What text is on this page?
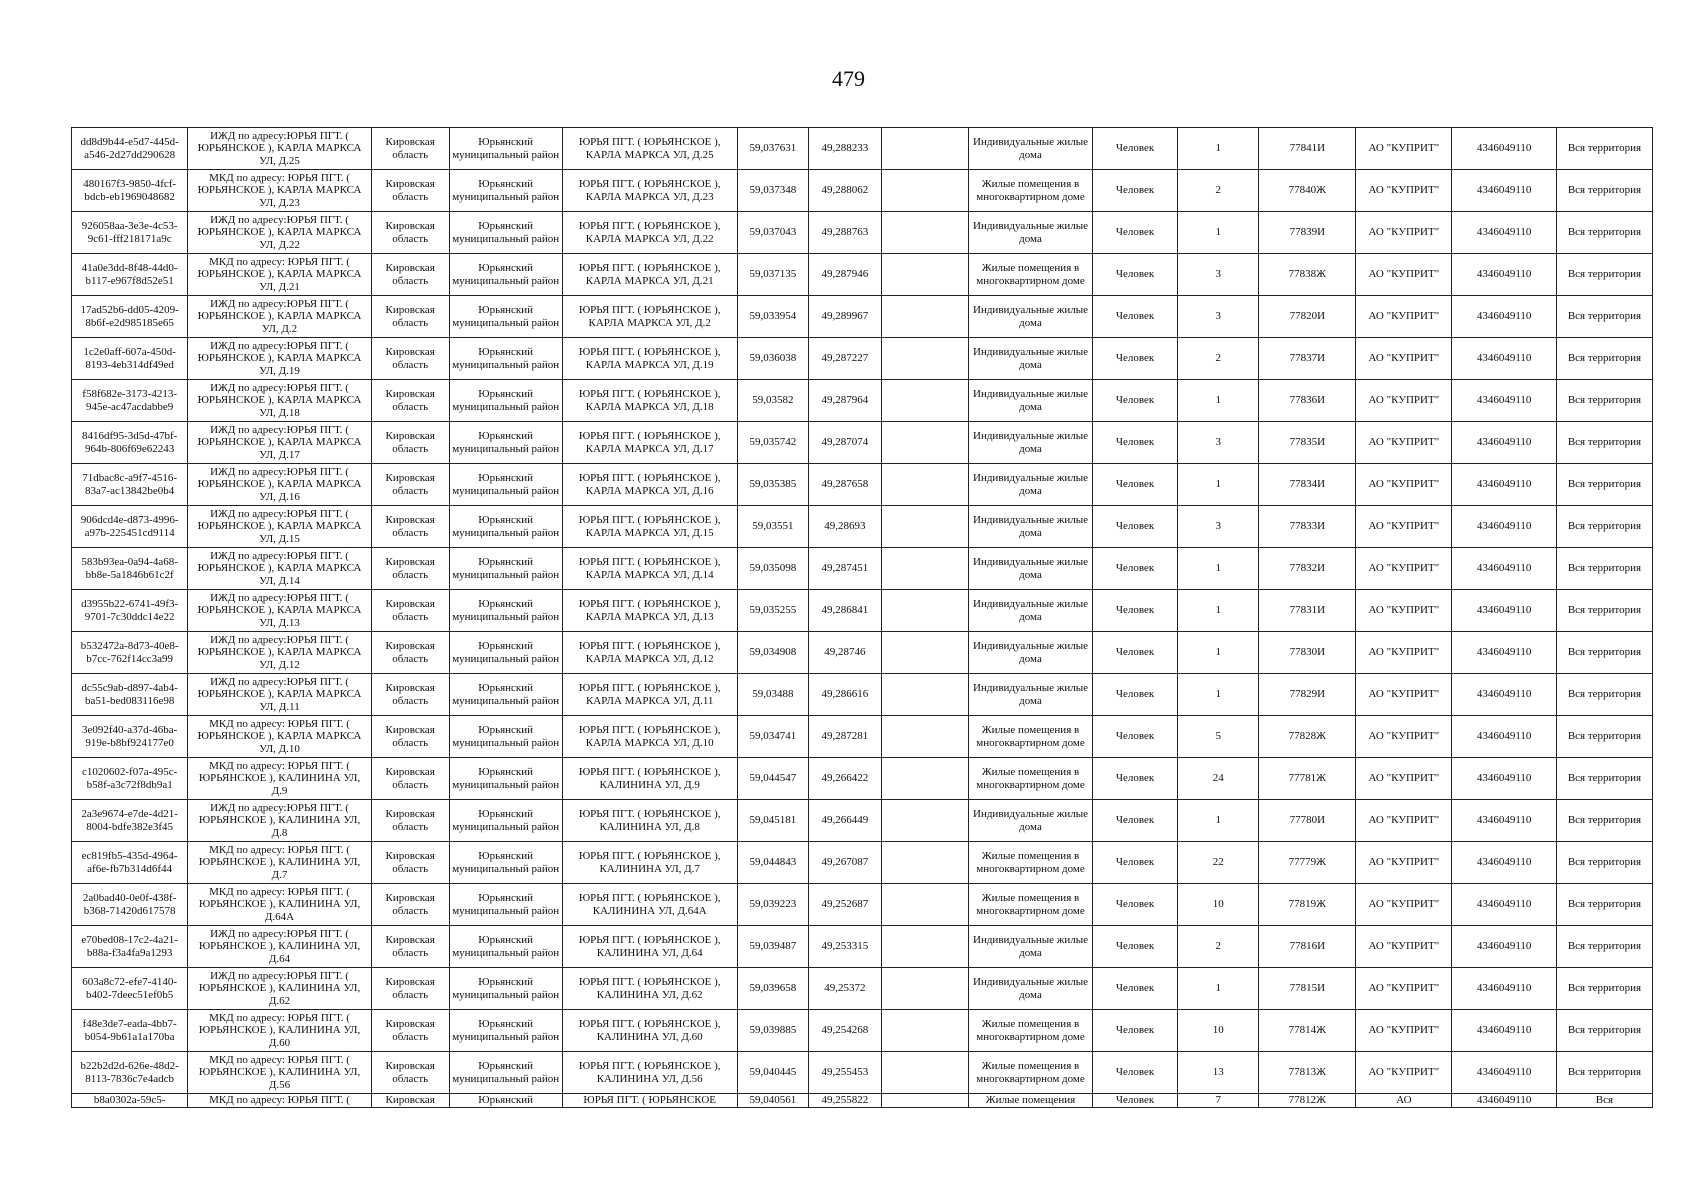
479
dd8d9b44-e5d7-445d-a546-2d27dd290628	ИЖД по адресу:ЮРЬЯ ПГТ. ( ЮРЬЯНСКОЕ ), КАРЛА МАРКСА УЛ, Д.25	Кировская область	Юрьянский муниципальный район	ЮРЬЯ ПГТ. ( ЮРЬЯНСКОЕ ), КАРЛА МАРКСА УЛ, Д.25	59,037631	49,288233		Индивидуальные жилые дома	Человек	1	77841И	АО "КУПРИТ"	4346049110	Вся территория
480167f3-9850-4fcf-bdcb-eb1969048682	МКД по адресу: ЮРЬЯ ПГТ. ( ЮРЬЯНСКОЕ ), КАРЛА МАРКСА УЛ, Д.23	Кировская область	Юрьянский муниципальный район	ЮРЬЯ ПГТ. ( ЮРЬЯНСКОЕ ), КАРЛА МАРКСА УЛ, Д.23	59,037348	49,288062		Жилые помещения в многоквартирном доме	Человек	2	77840Ж	АО "КУПРИТ"	4346049110	Вся территория
926058aa-3e3e-4c53-9c61-fff218171a9c	ИЖД по адресу:ЮРЬЯ ПГТ. ( ЮРЬЯНСКОЕ ), КАРЛА МАРКСА УЛ, Д.22	Кировская область	Юрьянский муниципальный район	ЮРЬЯ ПГТ. ( ЮРЬЯНСКОЕ ), КАРЛА МАРКСА УЛ, Д.22	59,037043	49,288763		Индивидуальные жилые дома	Человек	1	77839И	АО "КУПРИТ"	4346049110	Вся территория
41a0e3dd-8f48-44d0-b117-e967f8d52e51	МКД по адресу: ЮРЬЯ ПГТ. ( ЮРЬЯНСКОЕ ), КАРЛА МАРКСА УЛ, Д.21	Кировская область	Юрьянский муниципальный район	ЮРЬЯ ПГТ. ( ЮРЬЯНСКОЕ ), КАРЛА МАРКСА УЛ, Д.21	59,037135	49,287946		Жилые помещения в многоквартирном доме	Человек	3	77838Ж	АО "КУПРИТ"	4346049110	Вся территория
17ad52b6-dd05-4209-8b6f-e2d985185e65	ИЖД по адресу:ЮРЬЯ ПГТ. ( ЮРЬЯНСКОЕ ), КАРЛА МАРКСА УЛ, Д.2	Кировская область	Юрьянский муниципальный район	ЮРЬЯ ПГТ. ( ЮРЬЯНСКОЕ ), КАРЛА МАРКСА УЛ, Д.2	59,033954	49,289967		Индивидуальные жилые дома	Человек	3	77820И	АО "КУПРИТ"	4346049110	Вся территория
1c2e0aff-607a-450d-8193-4eb314df49ed	ИЖД по адресу:ЮРЬЯ ПГТ. ( ЮРЬЯНСКОЕ ), КАРЛА МАРКСА УЛ, Д.19	Кировская область	Юрьянский муниципальный район	ЮРЬЯ ПГТ. ( ЮРЬЯНСКОЕ ), КАРЛА МАРКСА УЛ, Д.19	59,036038	49,287227		Индивидуальные жилые дома	Человек	2	77837И	АО "КУПРИТ"	4346049110	Вся территория
f58f682e-3173-4213-945e-ac47acdabbe9	ИЖД по адресу:ЮРЬЯ ПГТ. ( ЮРЬЯНСКОЕ ), КАРЛА МАРКСА УЛ, Д.18	Кировская область	Юрьянский муниципальный район	ЮРЬЯ ПГТ. ( ЮРЬЯНСКОЕ ), КАРЛА МАРКСА УЛ, Д.18	59,03582	49,287964		Индивидуальные жилые дома	Человек	1	77836И	АО "КУПРИТ"	4346049110	Вся территория
8416df95-3d5d-47bf-964b-806f69e62243	ИЖД по адресу:ЮРЬЯ ПГТ. ( ЮРЬЯНСКОЕ ), КАРЛА МАРКСА УЛ, Д.17	Кировская область	Юрьянский муниципальный район	ЮРЬЯ ПГТ. ( ЮРЬЯНСКОЕ ), КАРЛА МАРКСА УЛ, Д.17	59,035742	49,287074		Индивидуальные жилые дома	Человек	3	77835И	АО "КУПРИТ"	4346049110	Вся территория
71dbac8c-a9f7-4516-83a7-ac13842be0b4	ИЖД по адресу:ЮРЬЯ ПГТ. ( ЮРЬЯНСКОЕ ), КАРЛА МАРКСА УЛ, Д.16	Кировская область	Юрьянский муниципальный район	ЮРЬЯ ПГТ. ( ЮРЬЯНСКОЕ ), КАРЛА МАРКСА УЛ, Д.16	59,035385	49,287658		Индивидуальные жилые дома	Человек	1	77834И	АО "КУПРИТ"	4346049110	Вся территория
906dcd4e-d873-4996-a97b-225451cd9114	ИЖД по адресу:ЮРЬЯ ПГТ. ( ЮРЬЯНСКОЕ ), КАРЛА МАРКСА УЛ, Д.15	Кировская область	Юрьянский муниципальный район	ЮРЬЯ ПГТ. ( ЮРЬЯНСКОЕ ), КАРЛА МАРКСА УЛ, Д.15	59,03551	49,28693		Индивидуальные жилые дома	Человек	3	77833И	АО "КУПРИТ"	4346049110	Вся территория
583b93ea-0a94-4a68-bb8e-5a1846b61c2f	ИЖД по адресу:ЮРЬЯ ПГТ. ( ЮРЬЯНСКОЕ ), КАРЛА МАРКСА УЛ, Д.14	Кировская область	Юрьянский муниципальный район	ЮРЬЯ ПГТ. ( ЮРЬЯНСКОЕ ), КАРЛА МАРКСА УЛ, Д.14	59,035098	49,287451		Индивидуальные жилые дома	Человек	1	77832И	АО "КУПРИТ"	4346049110	Вся территория
d3955b22-6741-49f3-9701-7c30ddc14e22	ИЖД по адресу:ЮРЬЯ ПГТ. ( ЮРЬЯНСКОЕ ), КАРЛА МАРКСА УЛ, Д.13	Кировская область	Юрьянский муниципальный район	ЮРЬЯ ПГТ. ( ЮРЬЯНСКОЕ ), КАРЛА МАРКСА УЛ, Д.13	59,035255	49,286841		Индивидуальные жилые дома	Человек	1	77831И	АО "КУПРИТ"	4346049110	Вся территория
b532472a-8d73-40e8-b7cc-762f14cc3a99	ИЖД по адресу:ЮРЬЯ ПГТ. ( ЮРЬЯНСКОЕ ), КАРЛА МАРКСА УЛ, Д.12	Кировская область	Юрьянский муниципальный район	ЮРЬЯ ПГТ. ( ЮРЬЯНСКОЕ ), КАРЛА МАРКСА УЛ, Д.12	59,034908	49,28746		Индивидуальные жилые дома	Человек	1	77830И	АО "КУПРИТ"	4346049110	Вся территория
dc55c9ab-d897-4ab4-ba51-bed083116e98	ИЖД по адресу:ЮРЬЯ ПГТ. ( ЮРЬЯНСКОЕ ), КАРЛА МАРКСА УЛ, Д.11	Кировская область	Юрьянский муниципальный район	ЮРЬЯ ПГТ. ( ЮРЬЯНСКОЕ ), КАРЛА МАРКСА УЛ, Д.11	59,03488	49,286616		Индивидуальные жилые дома	Человек	1	77829И	АО "КУПРИТ"	4346049110	Вся территория
3e092f40-a37d-46ba-919e-b8bf924177e0	МКД по адресу: ЮРЬЯ ПГТ. ( ЮРЬЯНСКОЕ ), КАРЛА МАРКСА УЛ, Д.10	Кировская область	Юрьянский муниципальный район	ЮРЬЯ ПГТ. ( ЮРЬЯНСКОЕ ), КАРЛА МАРКСА УЛ, Д.10	59,034741	49,287281		Жилые помещения в многоквартирном доме	Человек	5	77828Ж	АО "КУПРИТ"	4346049110	Вся территория
c1020602-f07a-495c-b58f-a3c72f8db9a1	МКД по адресу: ЮРЬЯ ПГТ. ( ЮРЬЯНСКОЕ ), КАЛИНИНА УЛ, Д.9	Кировская область	Юрьянский муниципальный район	ЮРЬЯ ПГТ. ( ЮРЬЯНСКОЕ ), КАЛИНИНА УЛ, Д.9	59,044547	49,266422		Жилые помещения в многоквартирном доме	Человек	24	77781Ж	АО "КУПРИТ"	4346049110	Вся территория
2a3e9674-e7de-4d21-8004-bdfe382e3f45	ИЖД по адресу:ЮРЬЯ ПГТ. ( ЮРЬЯНСКОЕ ), КАЛИНИНА УЛ, Д.8	Кировская область	Юрьянский муниципальный район	ЮРЬЯ ПГТ. ( ЮРЬЯНСКОЕ ), КАЛИНИНА УЛ, Д.8	59,045181	49,266449		Индивидуальные жилые дома	Человек	1	77780И	АО "КУПРИТ"	4346049110	Вся территория
ec819fb5-435d-4964-af6e-fb7b314d6f44	МКД по адресу: ЮРЬЯ ПГТ. ( ЮРЬЯНСКОЕ ), КАЛИНИНА УЛ, Д.7	Кировская область	Юрьянский муниципальный район	ЮРЬЯ ПГТ. ( ЮРЬЯНСКОЕ ), КАЛИНИНА УЛ, Д.7	59,044843	49,267087		Жилые помещения в многоквартирном доме	Человек	22	77779Ж	АО "КУПРИТ"	4346049110	Вся территория
2a0bad40-0e0f-438f-b368-71420d617578	МКД по адресу: ЮРЬЯ ПГТ. ( ЮРЬЯНСКОЕ ), КАЛИНИНА УЛ, Д.64А	Кировская область	Юрьянский муниципальный район	ЮРЬЯ ПГТ. ( ЮРЬЯНСКОЕ ), КАЛИНИНА УЛ, Д.64А	59,039223	49,252687		Жилые помещения в многоквартирном доме	Человек	10	77819Ж	АО "КУПРИТ"	4346049110	Вся территория
e70bed08-17c2-4a21-b88a-f3a4fa9a1293	ИЖД по адресу:ЮРЬЯ ПГТ. ( ЮРЬЯНСКОЕ ), КАЛИНИНА УЛ, Д.64	Кировская область	Юрьянский муниципальный район	ЮРЬЯ ПГТ. ( ЮРЬЯНСКОЕ ), КАЛИНИНА УЛ, Д.64	59,039487	49,253315		Индивидуальные жилые дома	Человек	2	77816И	АО "КУПРИТ"	4346049110	Вся территория
603a8c72-efe7-4140-b402-7deec51ef0b5	ИЖД по адресу:ЮРЬЯ ПГТ. ( ЮРЬЯНСКОЕ ), КАЛИНИНА УЛ, Д.62	Кировская область	Юрьянский муниципальный район	ЮРЬЯ ПГТ. ( ЮРЬЯНСКОЕ ), КАЛИНИНА УЛ, Д.62	59,039658	49,25372		Индивидуальные жилые дома	Человек	1	77815И	АО "КУПРИТ"	4346049110	Вся территория
f48e3de7-eada-4bb7-b054-9b61a1a170ba	МКД по адресу: ЮРЬЯ ПГТ. ( ЮРЬЯНСКОЕ ), КАЛИНИНА УЛ, Д.60	Кировская область	Юрьянский муниципальный район	ЮРЬЯ ПГТ. ( ЮРЬЯНСКОЕ ), КАЛИНИНА УЛ, Д.60	59,039885	49,254268		Жилые помещения в многоквартирном доме	Человек	10	77814Ж	АО "КУПРИТ"	4346049110	Вся территория
b22b2d2d-626e-48d2-8113-7836c7e4adcb	МКД по адресу: ЮРЬЯ ПГТ. ( ЮРЬЯНСКОЕ ), КАЛИНИНА УЛ, Д.56	Кировская область	Юрьянский муниципальный район	ЮРЬЯ ПГТ. ( ЮРЬЯНСКОЕ ), КАЛИНИНА УЛ, Д.56	59,040445	49,255453		Жилые помещения в многоквартирном доме	Человек	13	77813Ж	АО "КУПРИТ"	4346049110	Вся территория
b8a0302a-59c5-	МКД по адресу: ЮРЬЯ ПГТ. (	Кировская	Юрьянский	ЮРЬЯ ПГТ. ( ЮРЬЯНСКОЕ	59,040561	49,255822		Жилые помещения	Человек	7	77812Ж	АО	4346049110	Вся
